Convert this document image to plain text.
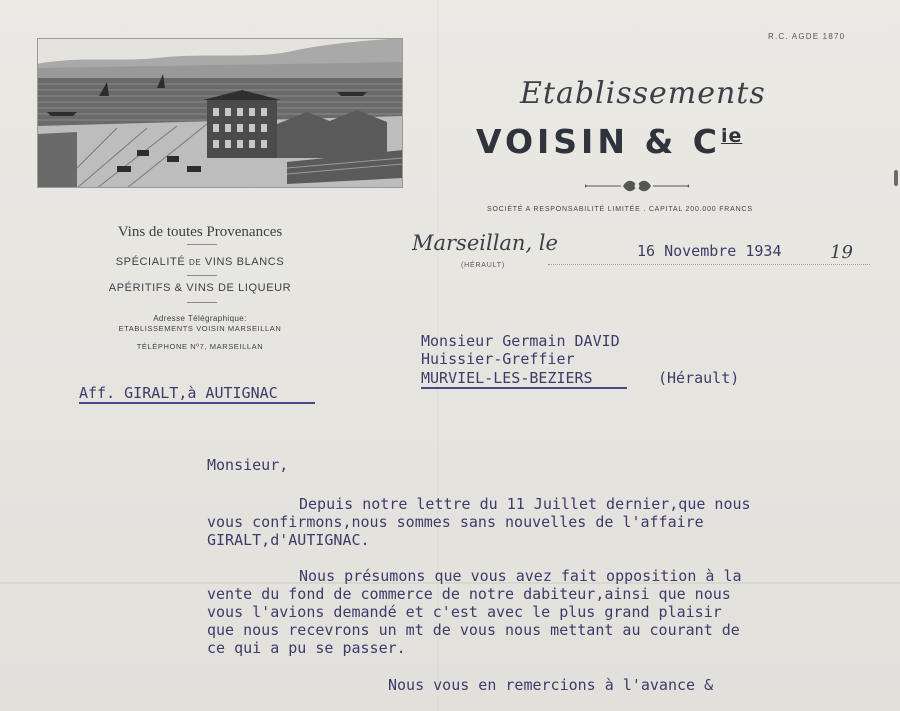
R.C. AGDE 1870
Etablissements
VOISIN & $C^{ie}$
SOCIÉTÉ A RESPONSABILITÉ LIMITÉE . CAPITAL 200.000 FRANCS
Vins de toutes Provenances
SPÉCIALITÉ DE VINS BLANCS
APÉRITIFS & VINS DE LIQUEUR
Adresse Télégraphique:
ETABLISSEMENTS VOISIN MARSEILLAN
TÉLÉPHONE Nº7, MARSEILLAN
Marseillan, le
(HÉRAULT)
16 Novembre 1934	19
Monsieur Germain DAVID
Huissier-Greffier
MURVIEL-LES-BEZIERS	(Hérault)
Aff. GIRALT,à AUTIGNAC
Monsieur,
Depuis notre lettre du 11 Juillet dernier,que nous
vous confirmons,nous sommes sans nouvelles de l'affaire
GIRALT,d'AUTIGNAC.
Nous présumons que vous avez fait opposition à la
vente du fond de commerce de notre dabiteur,ainsi que nous
vous l'avions demandé et c'est avec le plus grand plaisir
que nous recevrons un mt de vous nous mettant au courant de
ce qui a pu se passer.
Nous vous en remercions à l'avance &
